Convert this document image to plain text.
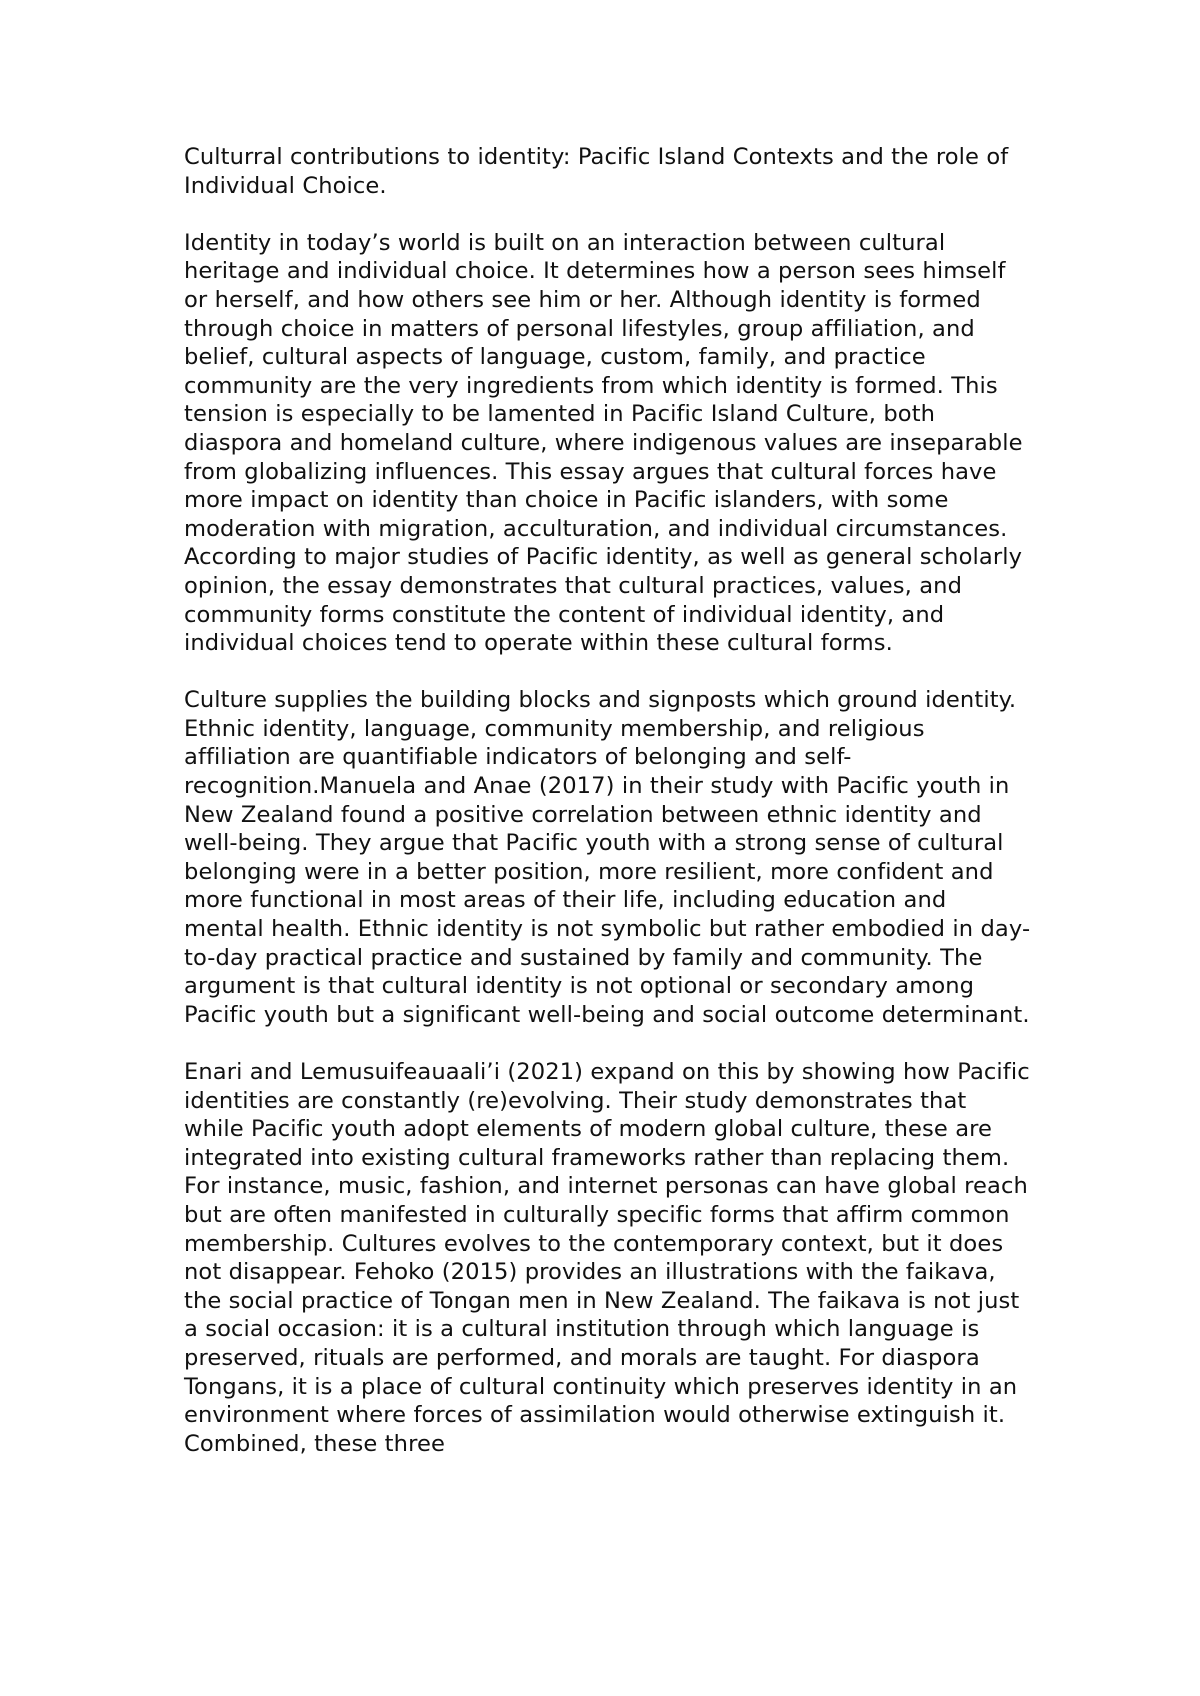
Culturral contributions to identity: Pacific Island Contexts and the role of Individual Choice.

Identity in today’s world is built on an interaction between cultural heritage and individual choice. It determines how a person sees himself or herself, and how others see him or her. Although identity is formed through choice in matters of personal lifestyles, group affiliation, and belief, cultural aspects of language, custom, family, and practice community are the very ingredients from which identity is formed. This tension is especially to be lamented in Pacific Island Culture, both diaspora and homeland culture, where indigenous values are inseparable from globalizing influences. This essay argues that cultural forces have more impact on identity than choice in Pacific islanders, with some moderation with migration, acculturation, and individual circumstances. According to major studies of Pacific identity, as well as general scholarly opinion, the essay demonstrates that cultural practices, values, and community forms constitute the content of individual identity, and individual choices tend to operate within these cultural forms.

Culture supplies the building blocks and signposts which ground identity. Ethnic identity, language, community membership, and religious affiliation are quantifiable indicators of belonging and self-recognition.Manuela and Anae (2017) in their study with Pacific youth in New Zealand found a positive correlation between ethnic identity and well-being. They argue that Pacific youth with a strong sense of cultural belonging were in a better position, more resilient, more confident and more functional in most areas of their life, including education and mental health. Ethnic identity is not symbolic but rather embodied in day-to-day practical practice and sustained by family and community. The argument is that cultural identity is not optional or secondary among Pacific youth but a significant well-being and social outcome determinant.

Enari and Lemusuifeauaali’i (2021) expand on this by showing how Pacific identities are constantly (re)evolving. Their study demonstrates that while Pacific youth adopt elements of modern global culture, these are integrated into existing cultural frameworks rather than replacing them. For instance, music, fashion, and internet personas can have global reach but are often manifested in culturally specific forms that affirm common membership. Cultures evolves to the contemporary context, but it does not disappear. Fehoko (2015) provides an illustrations with the faikava, the social practice of Tongan men in New Zealand. The faikava is not just a social occasion: it is a cultural institution through which language is preserved, rituals are performed, and morals are taught. For diaspora Tongans, it is a place of cultural continuity which preserves identity in an environment where forces of assimilation would otherwise extinguish it. Combined, these three
